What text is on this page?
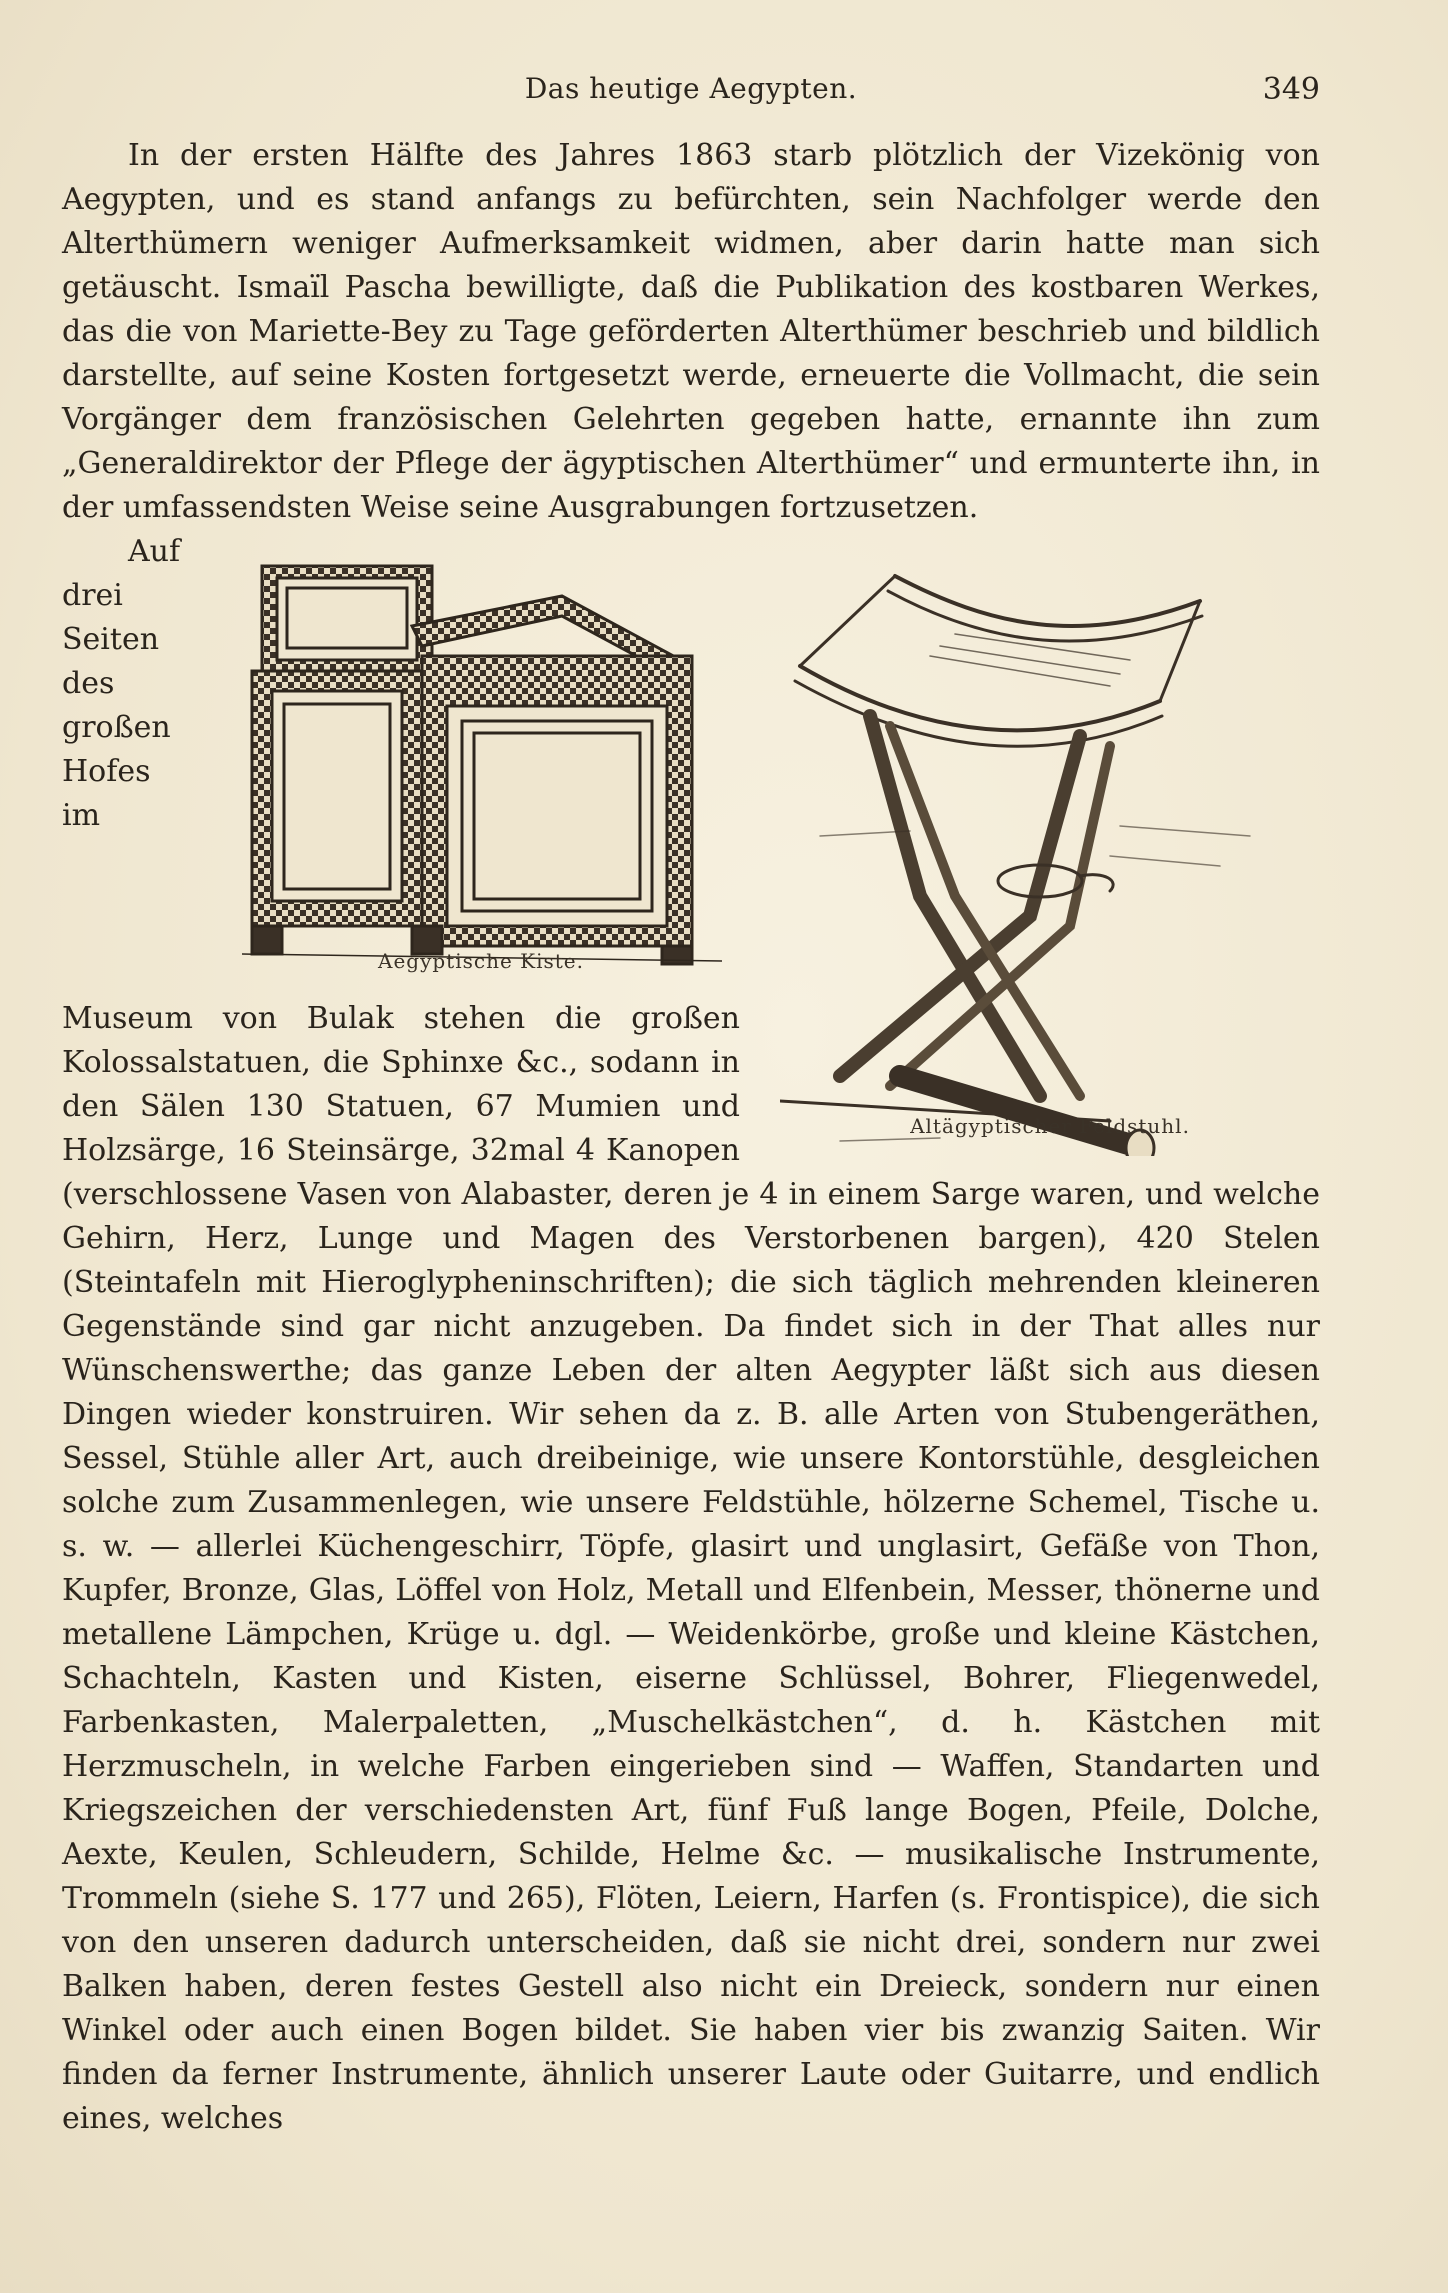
Das heutige Aegypten.	349

In der ersten Hälfte des Jahres 1863 starb plötzlich der Vizekönig von Aegypten, und es stand anfangs zu befürchten, sein Nachfolger werde den Alterthümern weniger Aufmerksamkeit widmen, aber darin hatte man sich getäuscht. Ismaïl Pascha bewilligte, daß die Publikation des kostbaren Werkes, das die von Mariette-Bey zu Tage geförderten Alterthümer beschrieb und bildlich darstellte, auf seine Kosten fortgesetzt werde, erneuerte die Vollmacht, die sein Vorgänger dem französischen Gelehrten gegeben hatte, ernannte ihn zum „Generaldirektor der Pflege der ägyptischen Alterthümer“ und ermunterte ihn, in der umfassendsten Weise seine Ausgrabungen fortzusetzen.

Altägyptischer Feldstuhl.
Aegyptische Kiste.

Auf drei Seiten des großen Hofes im Museum von Bulak stehen die großen Kolossalstatuen, die Sphinxe &c., sodann in den Sälen 130 Statuen, 67 Mumien und Holzsärge, 16 Steinsärge, 32mal 4 Kanopen (verschlossene Vasen von Alabaster, deren je 4 in einem Sarge waren, und welche Gehirn, Herz, Lunge und Magen des Verstorbenen bargen), 420 Stelen (Steintafeln mit Hieroglypheninschriften); die sich täglich mehrenden kleineren Gegenstände sind gar nicht anzugeben. Da findet sich in der That alles nur Wünschenswerthe; das ganze Leben der alten Aegypter läßt sich aus diesen Dingen wieder konstruiren. Wir sehen da z. B. alle Arten von Stubengeräthen, Sessel, Stühle aller Art, auch dreibeinige, wie unsere Kontorstühle, desgleichen solche zum Zusammenlegen, wie unsere Feldstühle, hölzerne Schemel, Tische u. s. w. — allerlei Küchengeschirr, Töpfe, glasirt und unglasirt, Gefäße von Thon, Kupfer, Bronze, Glas, Löffel von Holz, Metall und Elfenbein, Messer, thönerne und metallene Lämpchen, Krüge u. dgl. — Weidenkörbe, große und kleine Kästchen, Schachteln, Kasten und Kisten, eiserne Schlüssel, Bohrer, Fliegenwedel, Farbenkasten, Malerpaletten, „Muschelkästchen“, d. h. Kästchen mit Herzmuscheln, in welche Farben eingerieben sind — Waffen, Standarten und Kriegszeichen der verschiedensten Art, fünf Fuß lange Bogen, Pfeile, Dolche, Aexte, Keulen, Schleudern, Schilde, Helme &c. — musikalische Instrumente, Trommeln (siehe S. 177 und 265), Flöten, Leiern, Harfen (s. Frontispice), die sich von den unseren dadurch unterscheiden, daß sie nicht drei, sondern nur zwei Balken haben, deren festes Gestell also nicht ein Dreieck, sondern nur einen Winkel oder auch einen Bogen bildet. Sie haben vier bis zwanzig Saiten. Wir finden da ferner Instrumente, ähnlich unserer Laute oder Guitarre, und endlich eines, welches
